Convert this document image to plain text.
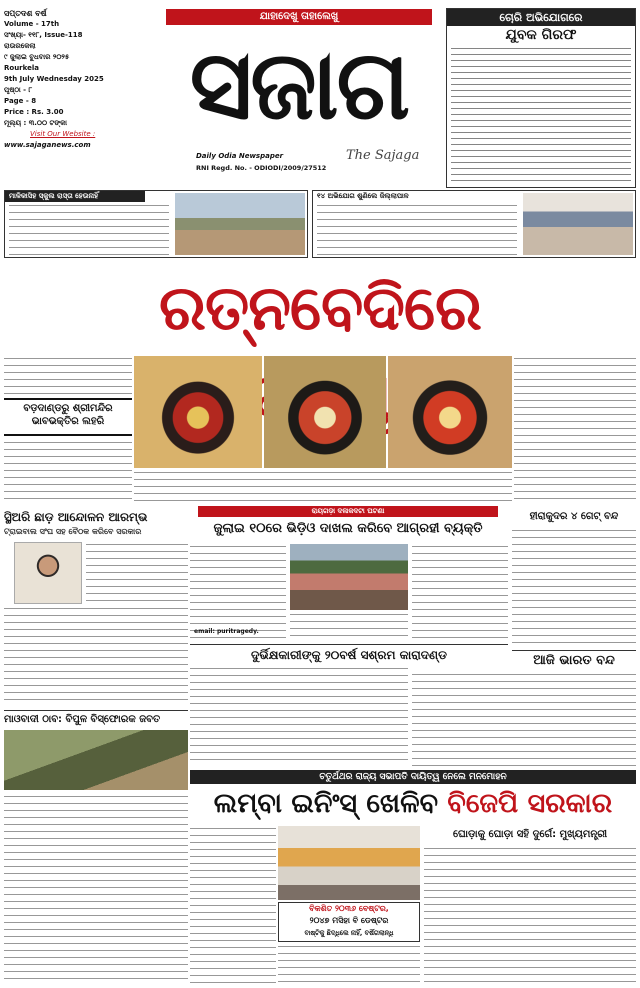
ସପ୍ତଦଶ ବର୍ଷ
Volume - 17th
ସଂଖ୍ୟା- ୧୧୮, Issue-118
ରାଉରକେଲା
୯ ଜୁଲାଇ ବୁଧବାର ୨୦୨୫
Rourkela
9th July Wednesday 2025
ପୃଷ୍ଠା - ୮
Page - 8
Price : Rs. 3.00
ମୂଲ୍ୟ : ୩.୦୦ ଟଙ୍କା
Visit Our Website :
www.sajaganews.com
ଯାହାଦେଖୁ ତାହାଲେଖୁ
ସଜାଗ
Daily Odia Newspaper	The Sajaga
RNI Regd. No. - ODIODI/2009/27512
ଚୋରି ଅଭିଯୋଗରେ
ଯୁବକ ଗିରଫ
ମାଳିକାସିହ ସ୍କୁଲ ରାସ୍ତା ହେଉନାହିଁ	୧୪ ଅଭିଯୋଗ ଶୁଣିଲେ ଜିଲ୍ଲାପାଳ
ରତ୍ନବେଦିରେ
ବଡ଼ଦାଣ୍ଡରୁ ଶ୍ରୀମନ୍ଦିର ଭାବଭକ୍ତିର ଲହରି
ରାୟଗଡ଼ା ଦଳାକଦଟା ଘଟଣା
ଜୁଲାଇ ୧୦ରେ ଭିଡ଼ିଓ ଦାଖଲ କରିବେ ଆଗ୍ରହୀ ବ୍ୟକ୍ତି
email: puritragedy.
ସ୍ଥିଅରି ଛାଡ଼ ଆନ୍ଦୋଳନ ଆରମ୍ଭ
ଟ୍ରାଇବାଲ ସଂଘ ସହ ବୈଠକ କରିବେ ସରକାର
ହୀରାକୁଦର ୪ ଗେଟ୍ ବନ୍ଦ
ଆଜି ଭାରତ ବନ୍ଦ
ଦୁର୍ଭିକ୍ଷକାରୀଙ୍କୁ ୨୦ବର୍ଷ ସଶ୍ରମ କାରାଦଣ୍ଡ
ମାଓବାଦୀ ଠାବ: ବିପୁଳ ବିସ୍ଫୋରକ ଜବତ
ଚତୁର୍ଥଥର ରାଜ୍ୟ ସଭାପତି ଦାୟିତ୍ୱ ନେଲେ ମନମୋହନ
ଲମ୍ବା ଇନିଂସ୍ ଖେଳିବ ବିଜେପି ସରକାର
ବିକଶିତ ୨୦୩୬ ବେଷ୍ଟର,
୨୦୪୭ ମସିହା ବି ଡେଷ୍ଟର
ବାଷ୍ଟିକୁ ଛିଦ୍ଧିଲେ ନାହିଁ, ବର୍ଷିଗଲାନ୍ଧି
ଘୋଡ଼ାକୁ ଘୋଡ଼ା ସହି ଦୁର୍ଗେ: ମୁଖ୍ୟମନ୍ତ୍ରୀ
